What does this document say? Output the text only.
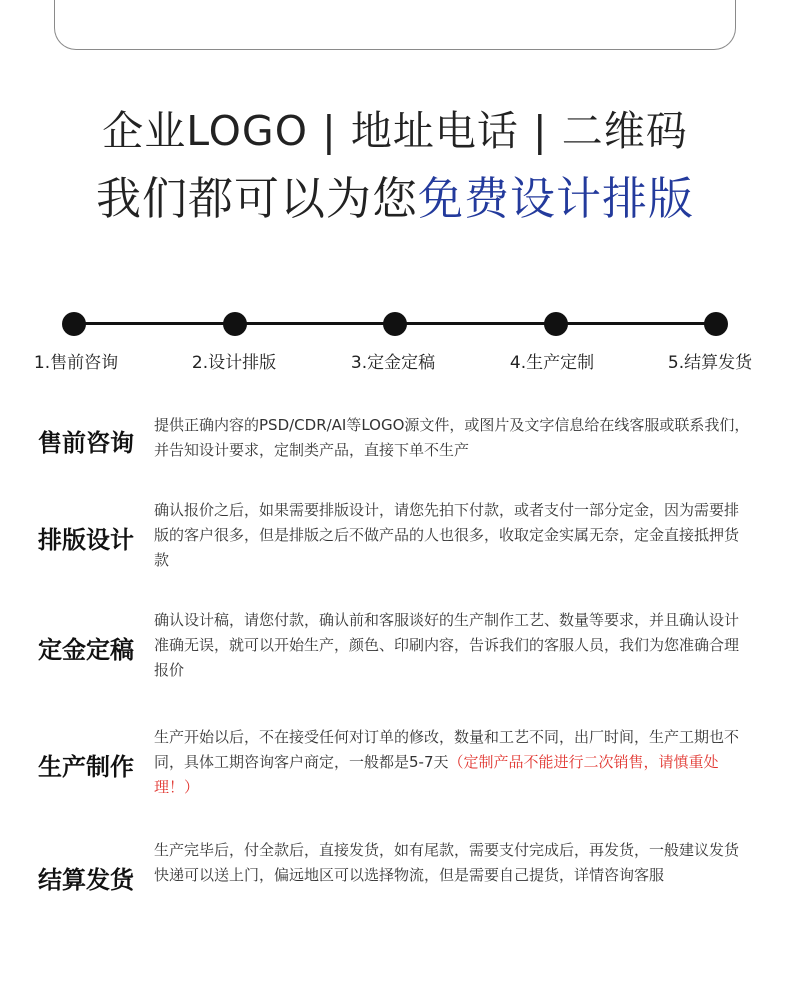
企业LOGO | 地址电话 | 二维码
我们都可以为您免费设计排版
1.售前咨询	2.设计排版	3.定金定稿	4.生产定制	5.结算发货
售前咨询
提供正确内容的PSD/CDR/AI等LOGO源文件，或图片及文字信息给在线客服或联系我们，并告知设计要求，定制类产品，直接下单不生产
排版设计
确认报价之后，如果需要排版设计，请您先拍下付款，或者支付一部分定金，因为需要排版的客户很多，但是排版之后不做产品的人也很多，收取定金实属无奈，定金直接抵押货款
定金定稿
确认设计稿，请您付款，确认前和客服谈好的生产制作工艺、数量等要求，并且确认设计准确无误，就可以开始生产，颜色、印刷内容，告诉我们的客服人员，我们为您准确合理报价
生产制作
生产开始以后，不在接受任何对订单的修改，数量和工艺不同，出厂时间，生产工期也不同，具体工期咨询客户商定，一般都是5-7天（定制产品不能进行二次销售，请慎重处理！）
结算发货
生产完毕后，付全款后，直接发货，如有尾款，需要支付完成后，再发货，一般建议发货快递可以送上门，偏远地区可以选择物流，但是需要自己提货，详情咨询客服
